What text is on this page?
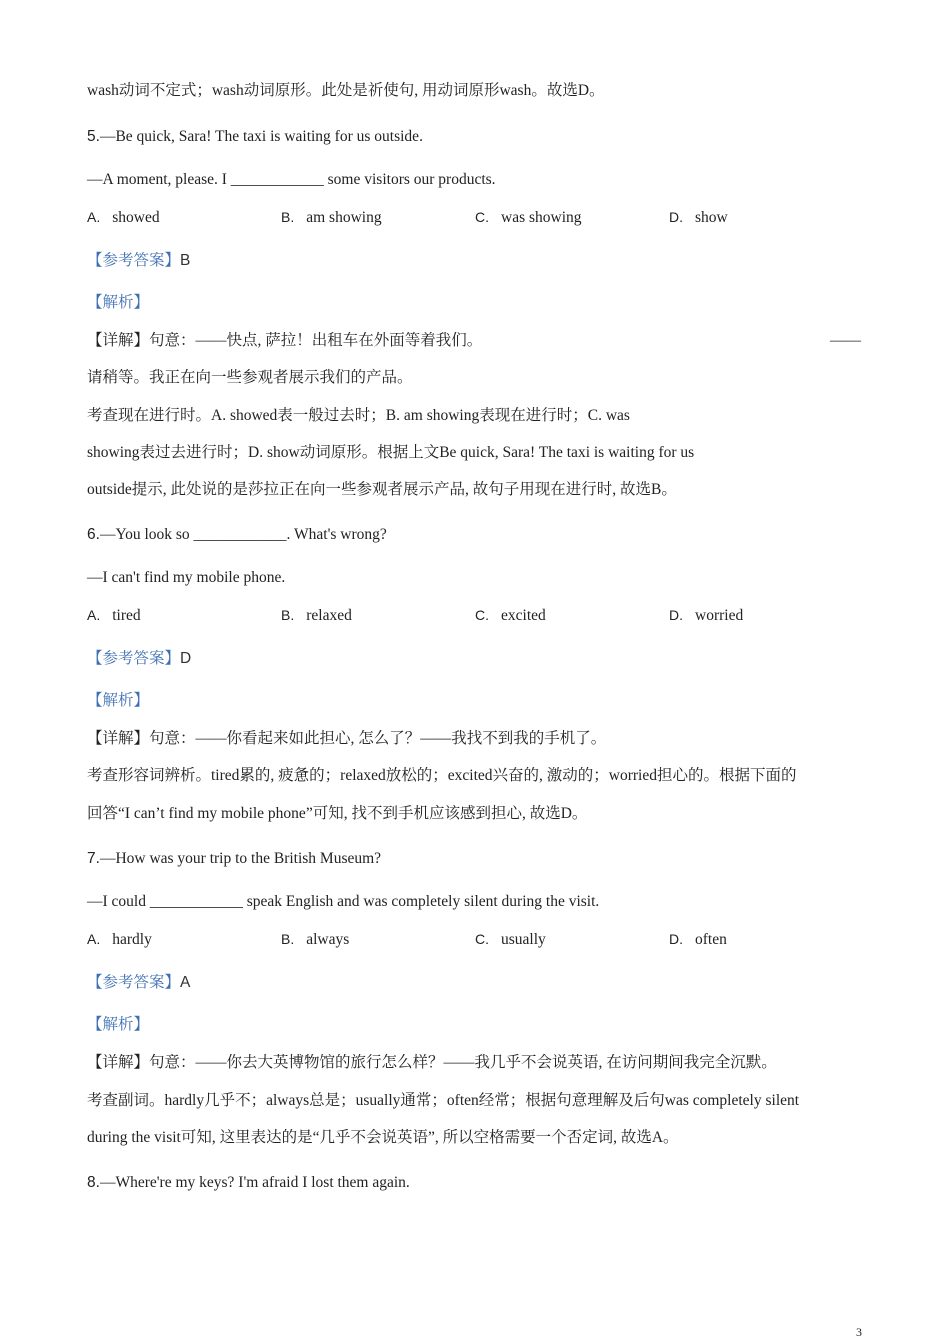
wash动词不定式；wash动词原形。此处是祈使句, 用动词原形wash。故选D。
5.—Be quick, Sara! The taxi is waiting for us outside.
—A moment, please. I ____________ some visitors our products.
A. showed	B. am showing	C. was showing	D. show
【参考答案】B
【解析】
【详解】句意：——快点, 萨拉！出租车在外面等着我们。	——
请稍等。我正在向一些参观者展示我们的产品。
考查现在进行时。A. showed表一般过去时；B. am showing表现在进行时；C. was
showing表过去进行时；D. show动词原形。根据上文Be quick, Sara! The taxi is waiting for us
outside提示, 此处说的是莎拉正在向一些参观者展示产品, 故句子用现在进行时, 故选B。
6.—You look so ____________. What's wrong?
—I can't find my mobile phone.
A. tired	B. relaxed	C. excited	D. worried
【参考答案】D
【解析】
【详解】句意：——你看起来如此担心, 怎么了？——我找不到我的手机了。
考查形容词辨析。tired累的, 疲惫的；relaxed放松的；excited兴奋的, 激动的；worried担心的。根据下面的
回答“I can’t find my mobile phone”可知, 找不到手机应该感到担心, 故选D。
7.—How was your trip to the British Museum?
—I could ____________ speak English and was completely silent during the visit.
A. hardly	B. always	C. usually	D. often
【参考答案】A
【解析】
【详解】句意：——你去大英博物馆的旅行怎么样？——我几乎不会说英语, 在访问期间我完全沉默。
考查副词。hardly几乎不；always总是；usually通常；often经常；根据句意理解及后句was completely silent
during the visit可知, 这里表达的是“几乎不会说英语”, 所以空格需要一个否定词, 故选A。
8.—Where're my keys? I'm afraid I lost them again.
3
